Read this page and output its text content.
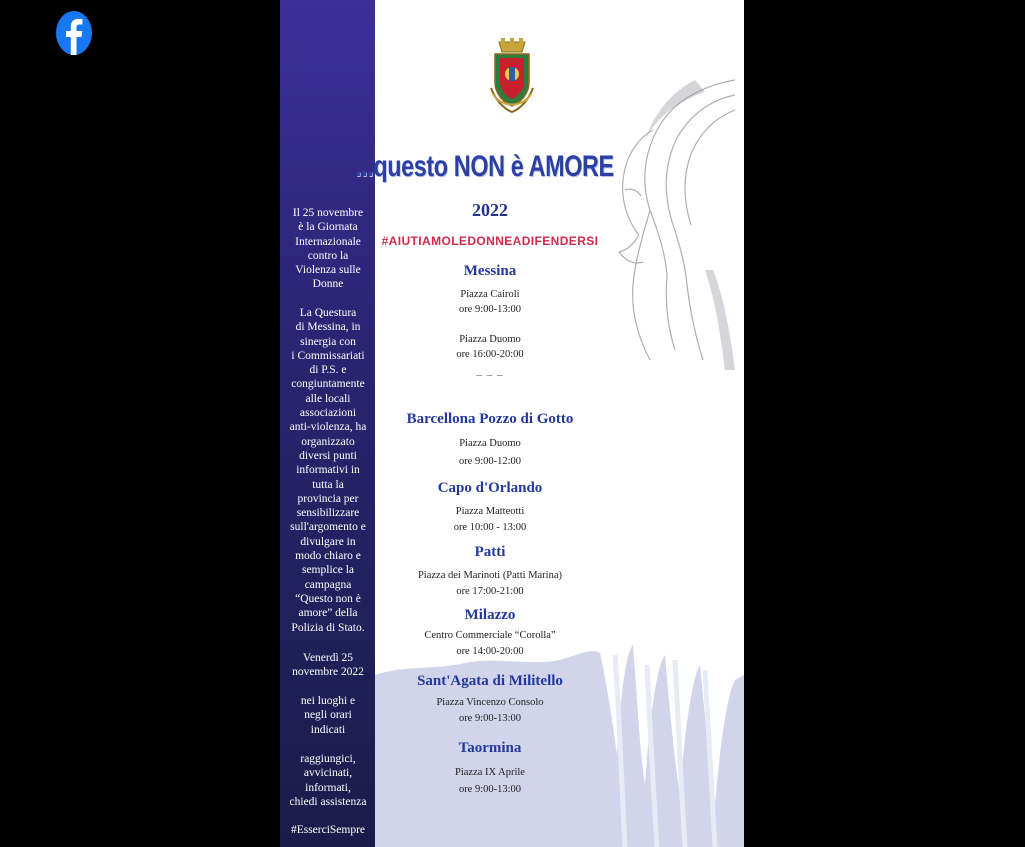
Il 25 novembre
è la Giornata
Internazionale
contro la
Violenza sulle
Donne
La Questura
di Messina, in
sinergia con
i Commissariati
di P.S. e
congiuntamente
alle locali
associazioni
anti-violenza, ha
organizzato
diversi punti
informativi in
tutta la
provincia per
sensibilizzare
sull'argomento e
divulgare in
modo chiaro e
semplice la
campagna
“Questo non è
amore” della
Polizia di Stato.
Venerdì 25
novembre 2022
nei luoghi e
negli orari
indicati
raggiungici,
avvicinati,
informati,
chiedi assistenza
#EsserciSempre
...questo NON è AMORE
2022
#AIUTIAMOLEDONNEADIFENDERSI
Messina
Piazza Cairoli
ore 9:00-13:00
Piazza Duomo
ore 16:00-20:00
– – –
Barcellona Pozzo di Gotto
Piazza Duomo
ore 9:00-12:00
Capo d'Orlando
Piazza Matteotti
ore 10:00 - 13:00
Patti
Piazza dei Marinoti (Patti Marina)
ore 17:00-21:00
Milazzo
Centro Commerciale “Corolla”
ore 14:00-20:00
Sant'Agata di Militello
Piazza Vincenzo Consolo
ore 9:00-13:00
Taormina
Piazza IX Aprile
ore 9:00-13:00
